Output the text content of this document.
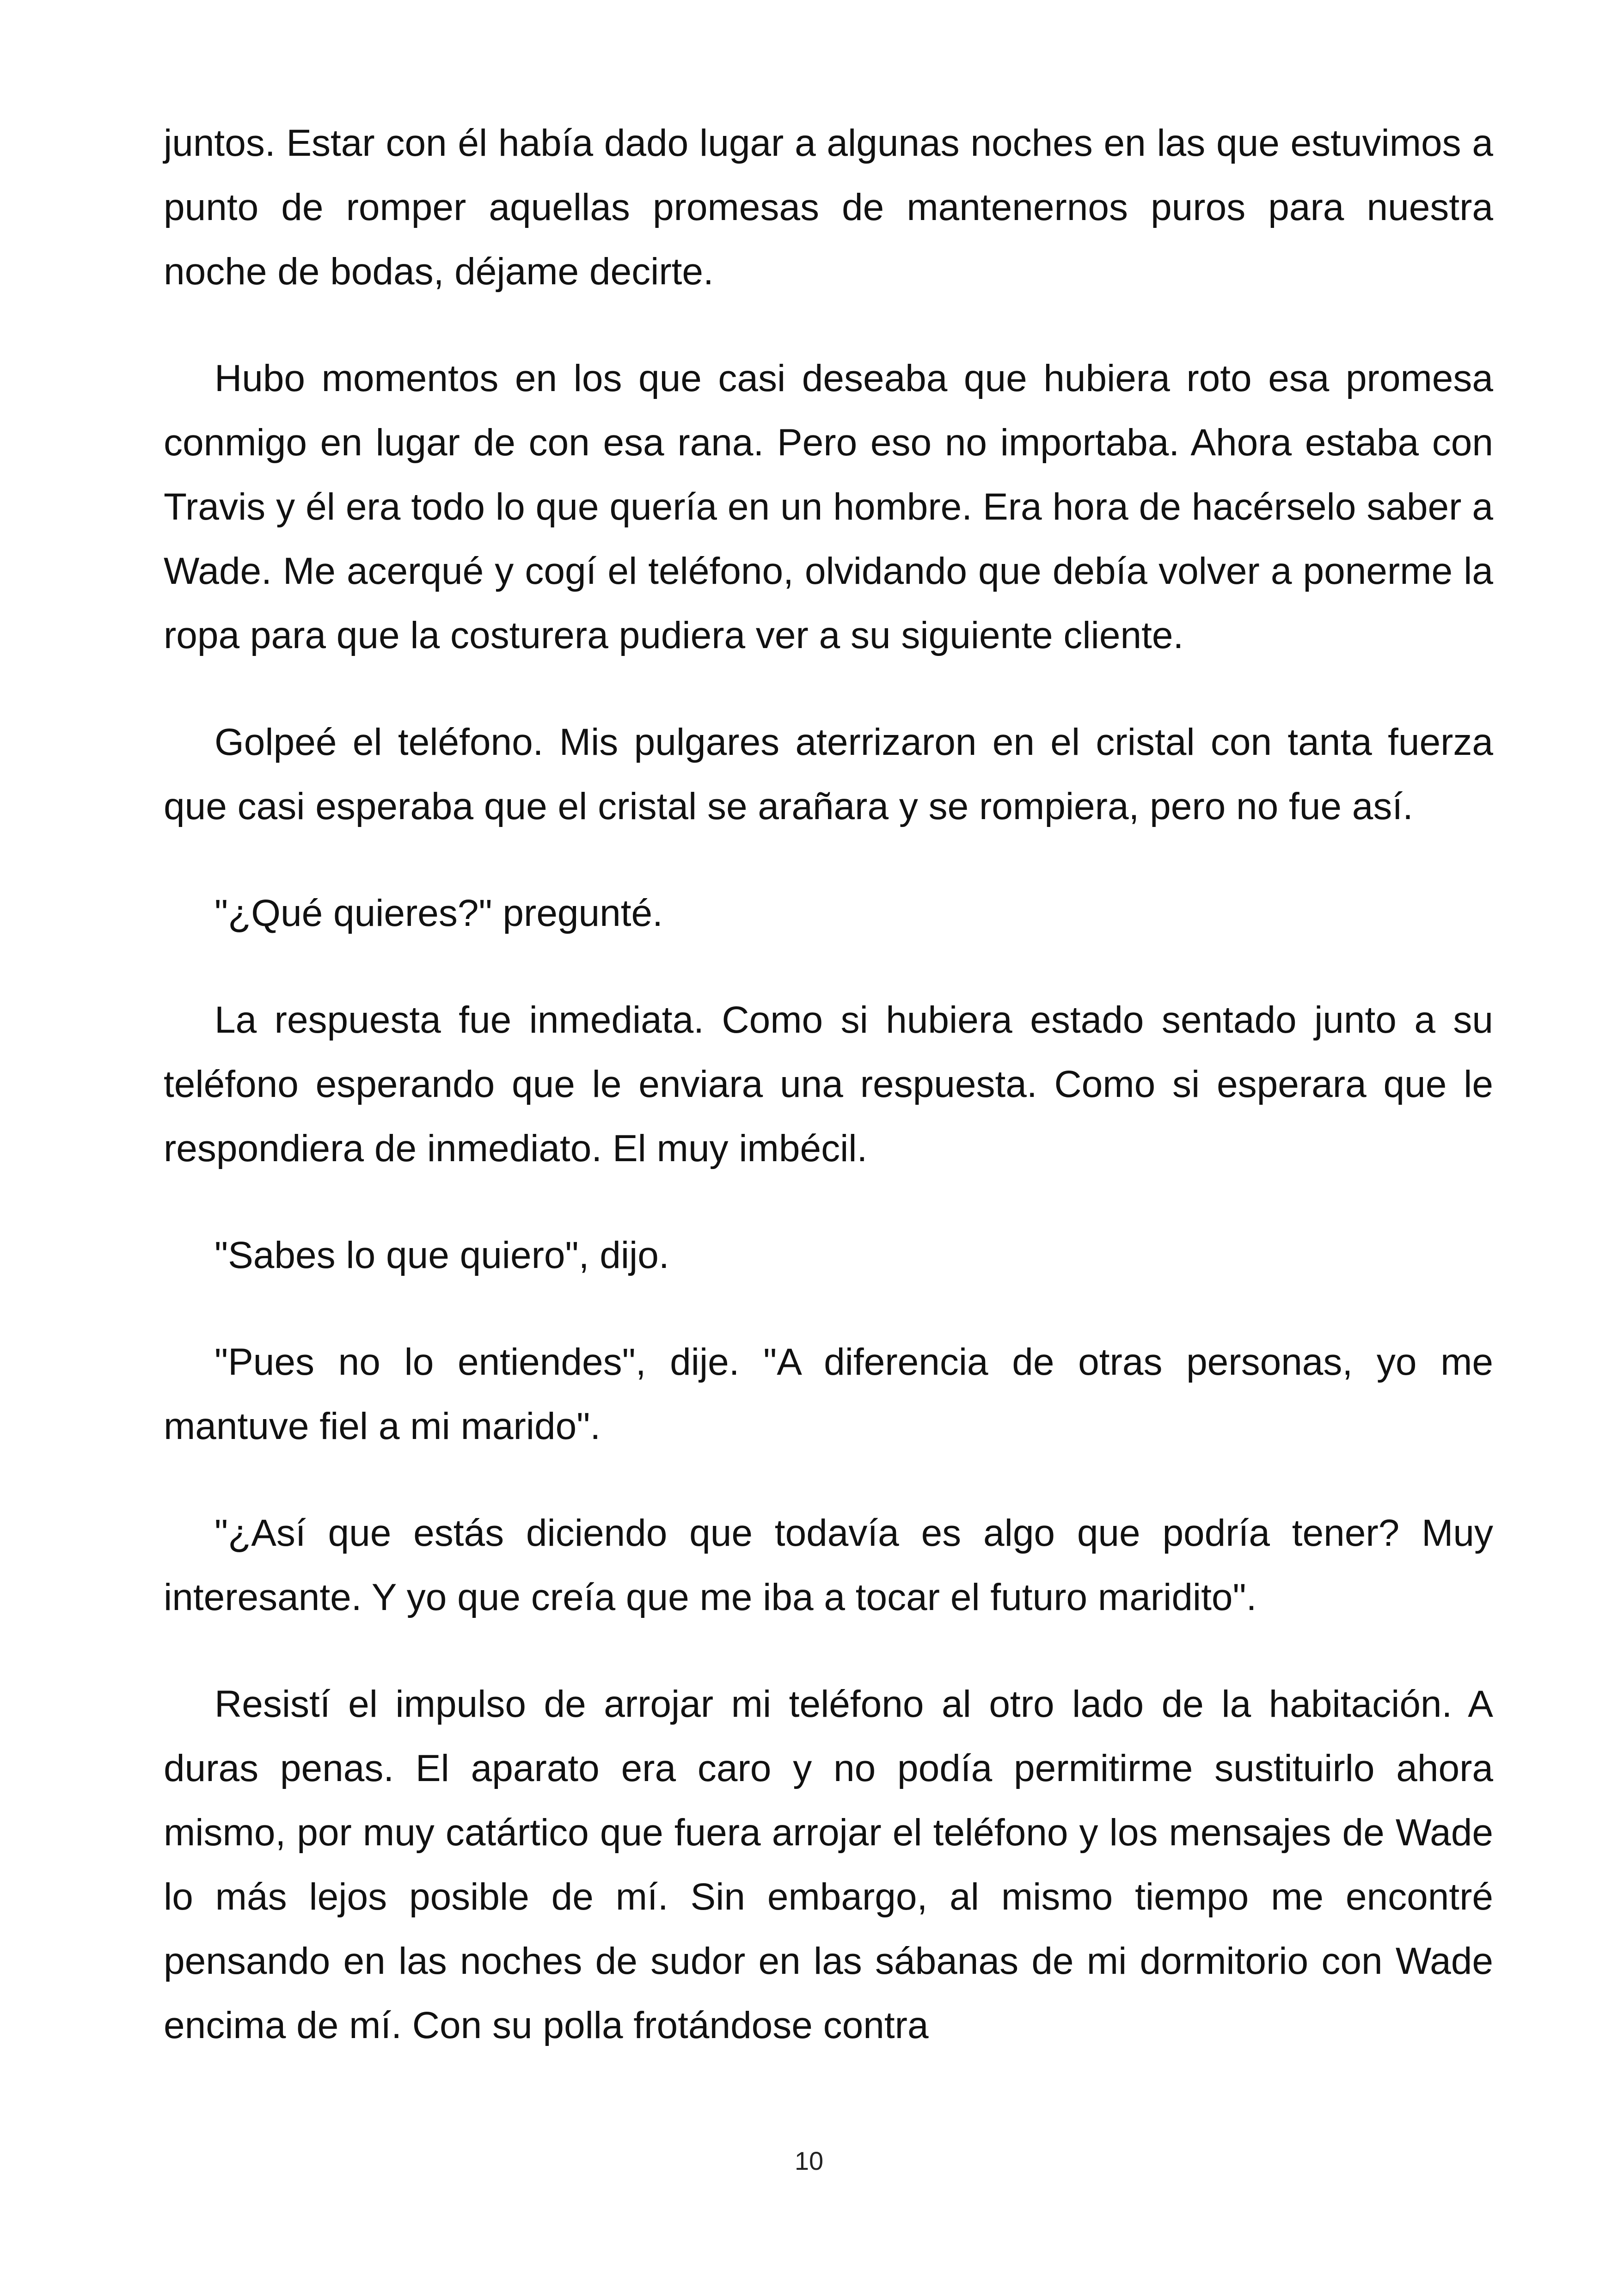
juntos. Estar con él había dado lugar a algunas noches en las que estuvimos a punto de romper aquellas promesas de mantenernos puros para nuestra noche de bodas, déjame decirte.

Hubo momentos en los que casi deseaba que hubiera roto esa promesa conmigo en lugar de con esa rana. Pero eso no importaba. Ahora estaba con Travis y él era todo lo que quería en un hombre. Era hora de hacérselo saber a Wade. Me acerqué y cogí el teléfono, olvidando que debía volver a ponerme la ropa para que la costurera pudiera ver a su siguiente cliente.

Golpeé el teléfono. Mis pulgares aterrizaron en el cristal con tanta fuerza que casi esperaba que el cristal se arañara y se rompiera, pero no fue así.

"¿Qué quieres?" pregunté.

La respuesta fue inmediata. Como si hubiera estado sentado junto a su teléfono esperando que le enviara una respuesta. Como si esperara que le respondiera de inmediato. El muy imbécil.

"Sabes lo que quiero", dijo.

"Pues no lo entiendes", dije. "A diferencia de otras personas, yo me mantuve fiel a mi marido".

"¿Así que estás diciendo que todavía es algo que podría tener? Muy interesante. Y yo que creía que me iba a tocar el futuro maridito".

Resistí el impulso de arrojar mi teléfono al otro lado de la habitación. A duras penas. El aparato era caro y no podía permitirme sustituirlo ahora mismo, por muy catártico que fuera arrojar el teléfono y los mensajes de Wade lo más lejos posible de mí. Sin embargo, al mismo tiempo me encontré pensando en las noches de sudor en las sábanas de mi dormitorio con Wade encima de mí. Con su polla frotándose contra

10
